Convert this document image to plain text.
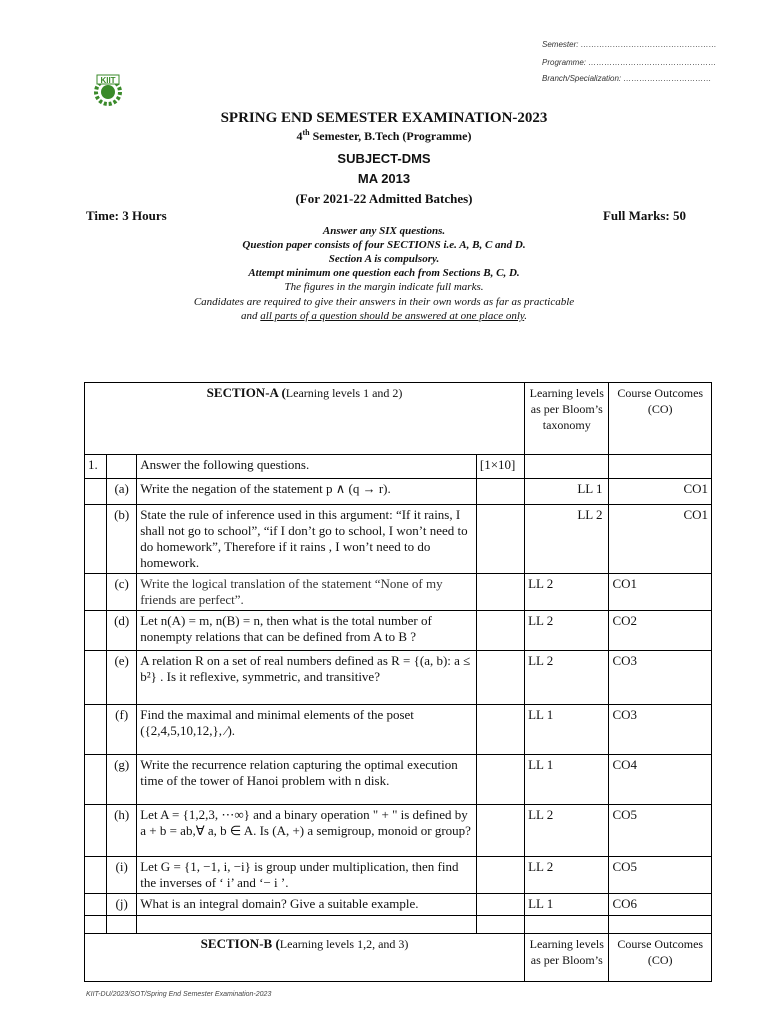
Semester: ……………………………………………
Programme: …………………………………………
Branch/Specialization: ……………………………
KIIT
SPRING END SEMESTER EXAMINATION-2023
4th Semester, B.Tech (Programme)
SUBJECT-DMS
MA 2013
(For 2021-22 Admitted Batches)
Time: 3 Hours	Full Marks: 50
Answer any SIX questions.
Question paper consists of four SECTIONS i.e. A, B, C and D.
Section A is compulsory.
Attempt minimum one question each from Sections B, C, D.
The figures in the margin indicate full marks.
Candidates are required to give their answers in their own words as far as practicable
and all parts of a question should be answered at one place only.
SECTION-A (Learning levels 1 and 2)				Learning levels as per Bloom’s taxonomy	Course Outcomes (CO)
1.		Answer the following questions.	[1×10]		
	(a)	Write the negation of the statement p ∧ (q → r).		LL 1	CO1
	(b)	State the rule of inference used in this argument: “If it rains, I shall not go to school”, “if I don’t go to school, I won’t need to do homework”, Therefore if it rains , I won’t need to do homework.		LL 2	CO1
	(c)	Write the logical translation of the statement “None of my friends are perfect”.		LL 2	CO1
	(d)	Let n(A) = m, n(B) = n, then what is the total number of nonempty relations that can be defined from A to B ?		LL 2	CO2
	(e)	A relation R on a set of real numbers defined as R = {(a, b): a ≤ b²} . Is it reflexive, symmetric, and transitive?		LL 2	CO3
	(f)	Find the maximal and minimal elements of the poset ({2,4,5,10,12,}, ⁄).		LL 1	CO3
	(g)	Write the recurrence relation capturing the optimal execution time of the tower of Hanoi problem with n disk.		LL 1	CO4
	(h)	Let A = {1,2,3, ⋯∞} and a binary operation " + " is defined by a + b = ab,∀ a, b ∈ A. Is (A, +) a semigroup, monoid or group?		LL 2	CO5
	(i)	Let G = {1, −1, i, −i} is group under multiplication, then find the inverses of ‘ i’ and ‘− i ’.		LL 2	CO5
	(j)	What is an integral domain? Give a suitable example.		LL 1	CO6

SECTION-B (Learning levels 1,2, and 3)				Learning levels as per Bloom’s	Course Outcomes (CO)
KIIT-DU/2023/SOT/Spring End Semester Examination-2023
